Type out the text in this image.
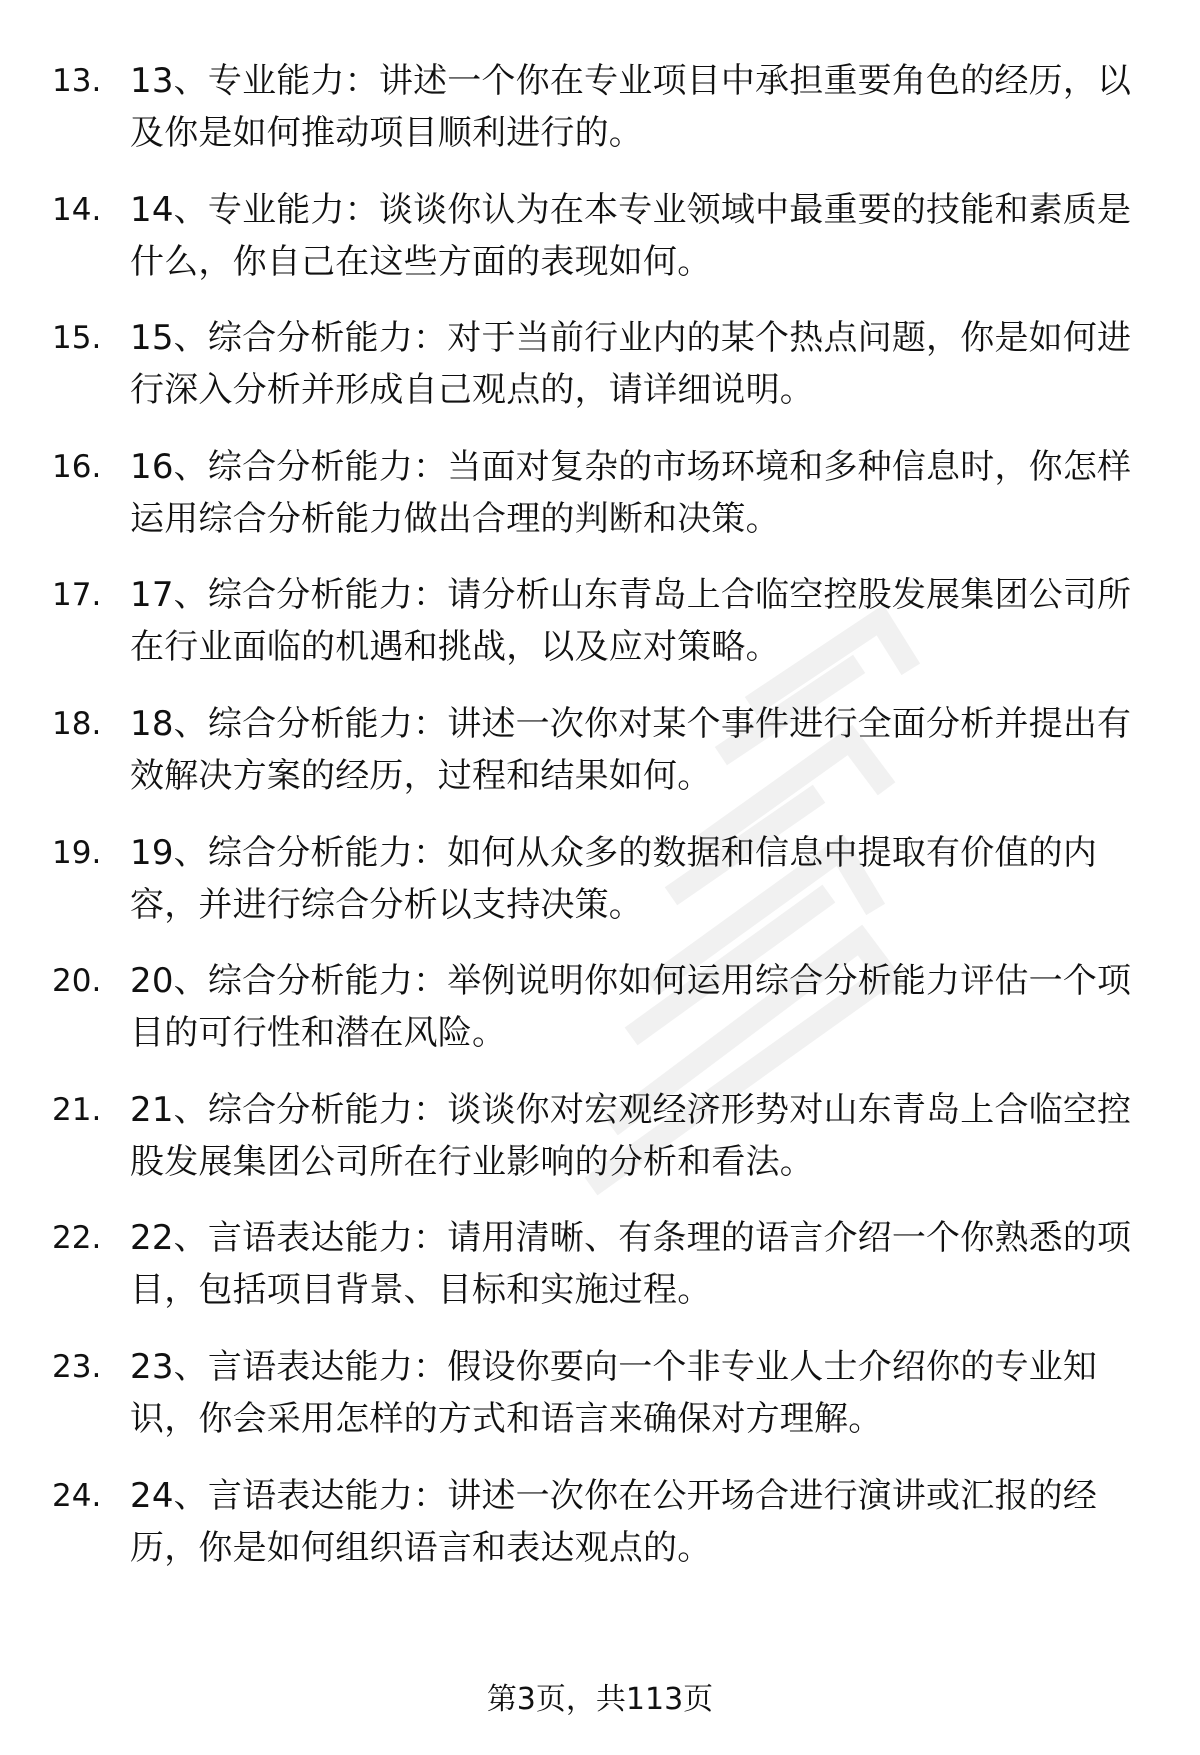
13. 13、专业能力：讲述一个你在专业项目中承担重要角色的经历，以及你是如何推动项目顺利进行的。
14. 14、专业能力：谈谈你认为在本专业领域中最重要的技能和素质是什么，你自己在这些方面的表现如何。
15. 15、综合分析能力：对于当前行业内的某个热点问题，你是如何进行深入分析并形成自己观点的，请详细说明。
16. 16、综合分析能力：当面对复杂的市场环境和多种信息时，你怎样运用综合分析能力做出合理的判断和决策。
17. 17、综合分析能力：请分析山东青岛上合临空控股发展集团公司所在行业面临的机遇和挑战，以及应对策略。
18. 18、综合分析能力：讲述一次你对某个事件进行全面分析并提出有效解决方案的经历，过程和结果如何。
19. 19、综合分析能力：如何从众多的数据和信息中提取有价值的内容，并进行综合分析以支持决策。
20. 20、综合分析能力：举例说明你如何运用综合分析能力评估一个项目的可行性和潜在风险。
21. 21、综合分析能力：谈谈你对宏观经济形势对山东青岛上合临空控股发展集团公司所在行业影响的分析和看法。
22. 22、言语表达能力：请用清晰、有条理的语言介绍一个你熟悉的项目，包括项目背景、目标和实施过程。
23. 23、言语表达能力：假设你要向一个非专业人士介绍你的专业知识，你会采用怎样的方式和语言来确保对方理解。
24. 24、言语表达能力：讲述一次你在公开场合进行演讲或汇报的经历，你是如何组织语言和表达观点的。
第3页，共113页
